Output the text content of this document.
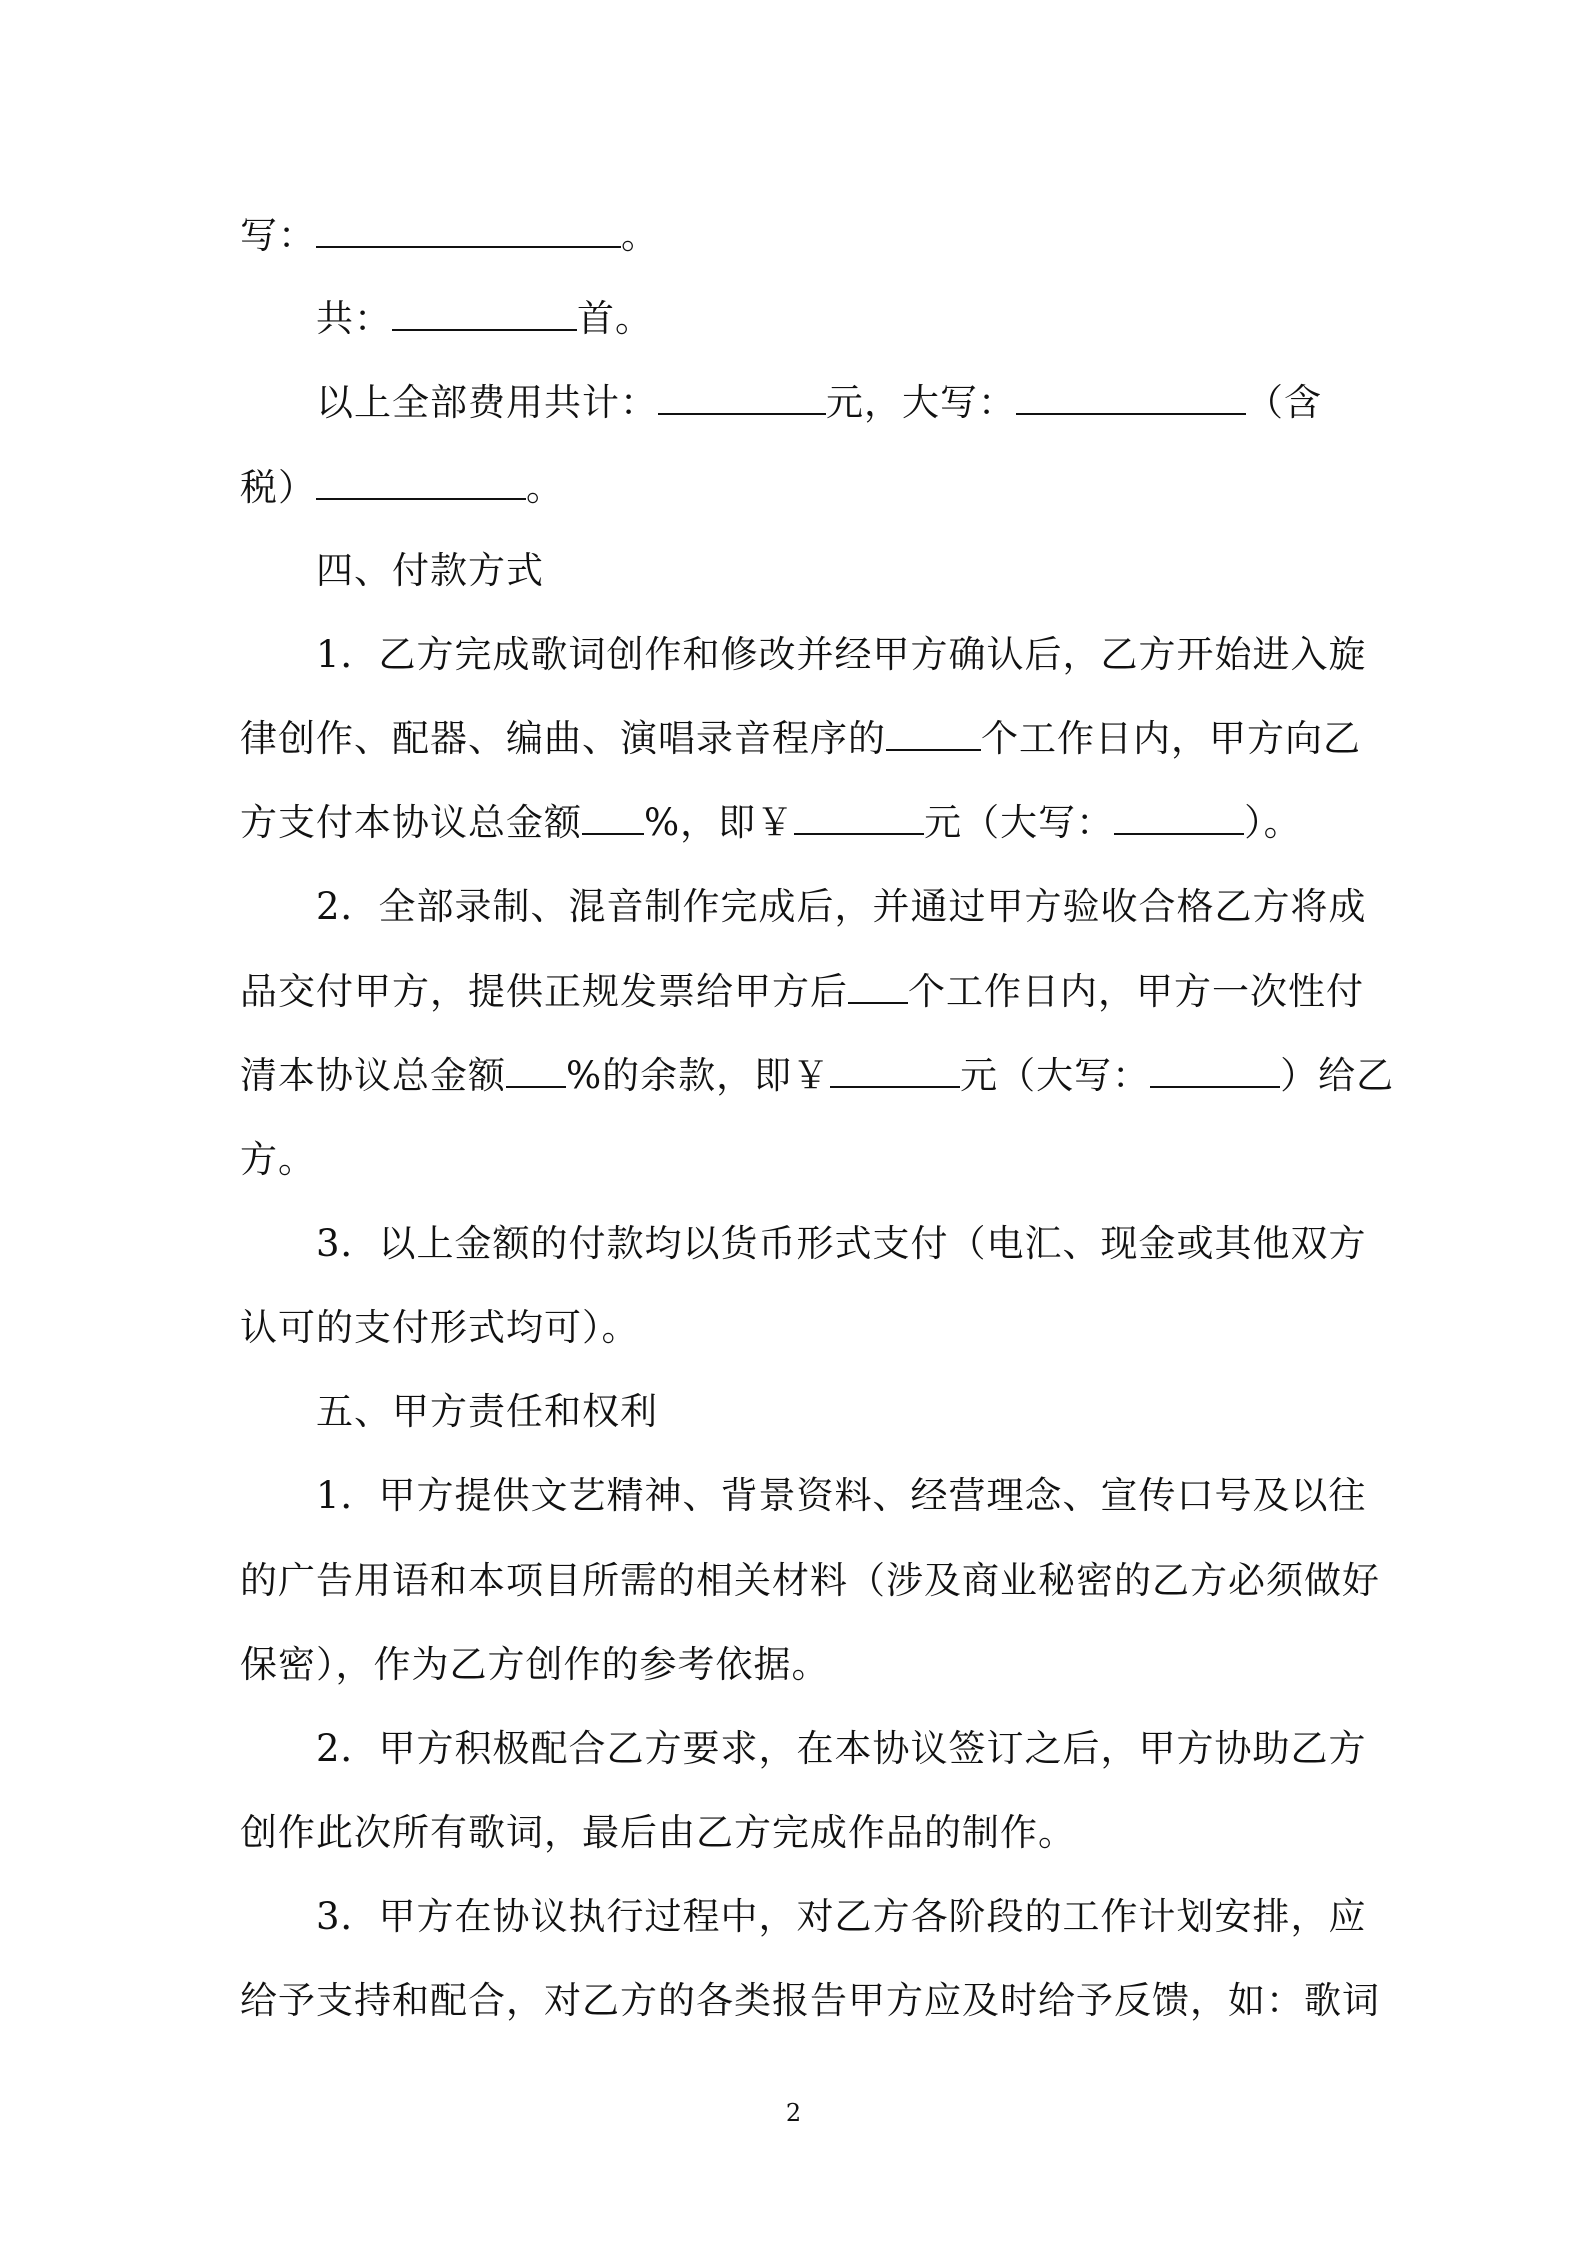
写：	。
共：	首。
以上全部费用共计：	元，大写：	（含
税）	。
四、付款方式
1．乙方完成歌词创作和修改并经甲方确认后，乙方开始进入旋
律创作、配器、编曲、演唱录音程序的	个工作日内，甲方向乙
方支付本协议总金额 %，即￥	元（大写：	）。
2．全部录制、混音制作完成后，并通过甲方验收合格乙方将成
品交付甲方，提供正规发票给甲方后 个工作日内，甲方一次性付
清本协议总金额 %的余款，即￥	元（大写：	）给乙
方。
3．以上金额的付款均以货币形式支付（电汇、现金或其他双方
认可的支付形式均可）。
五、甲方责任和权利
1．甲方提供文艺精神、背景资料、经营理念、宣传口号及以往
的广告用语和本项目所需的相关材料（涉及商业秘密的乙方必须做好
保密），作为乙方创作的参考依据。
2．甲方积极配合乙方要求，在本协议签订之后，甲方协助乙方
创作此次所有歌词，最后由乙方完成作品的制作。
3．甲方在协议执行过程中，对乙方各阶段的工作计划安排，应
给予支持和配合，对乙方的各类报告甲方应及时给予反馈，如：歌词
2
